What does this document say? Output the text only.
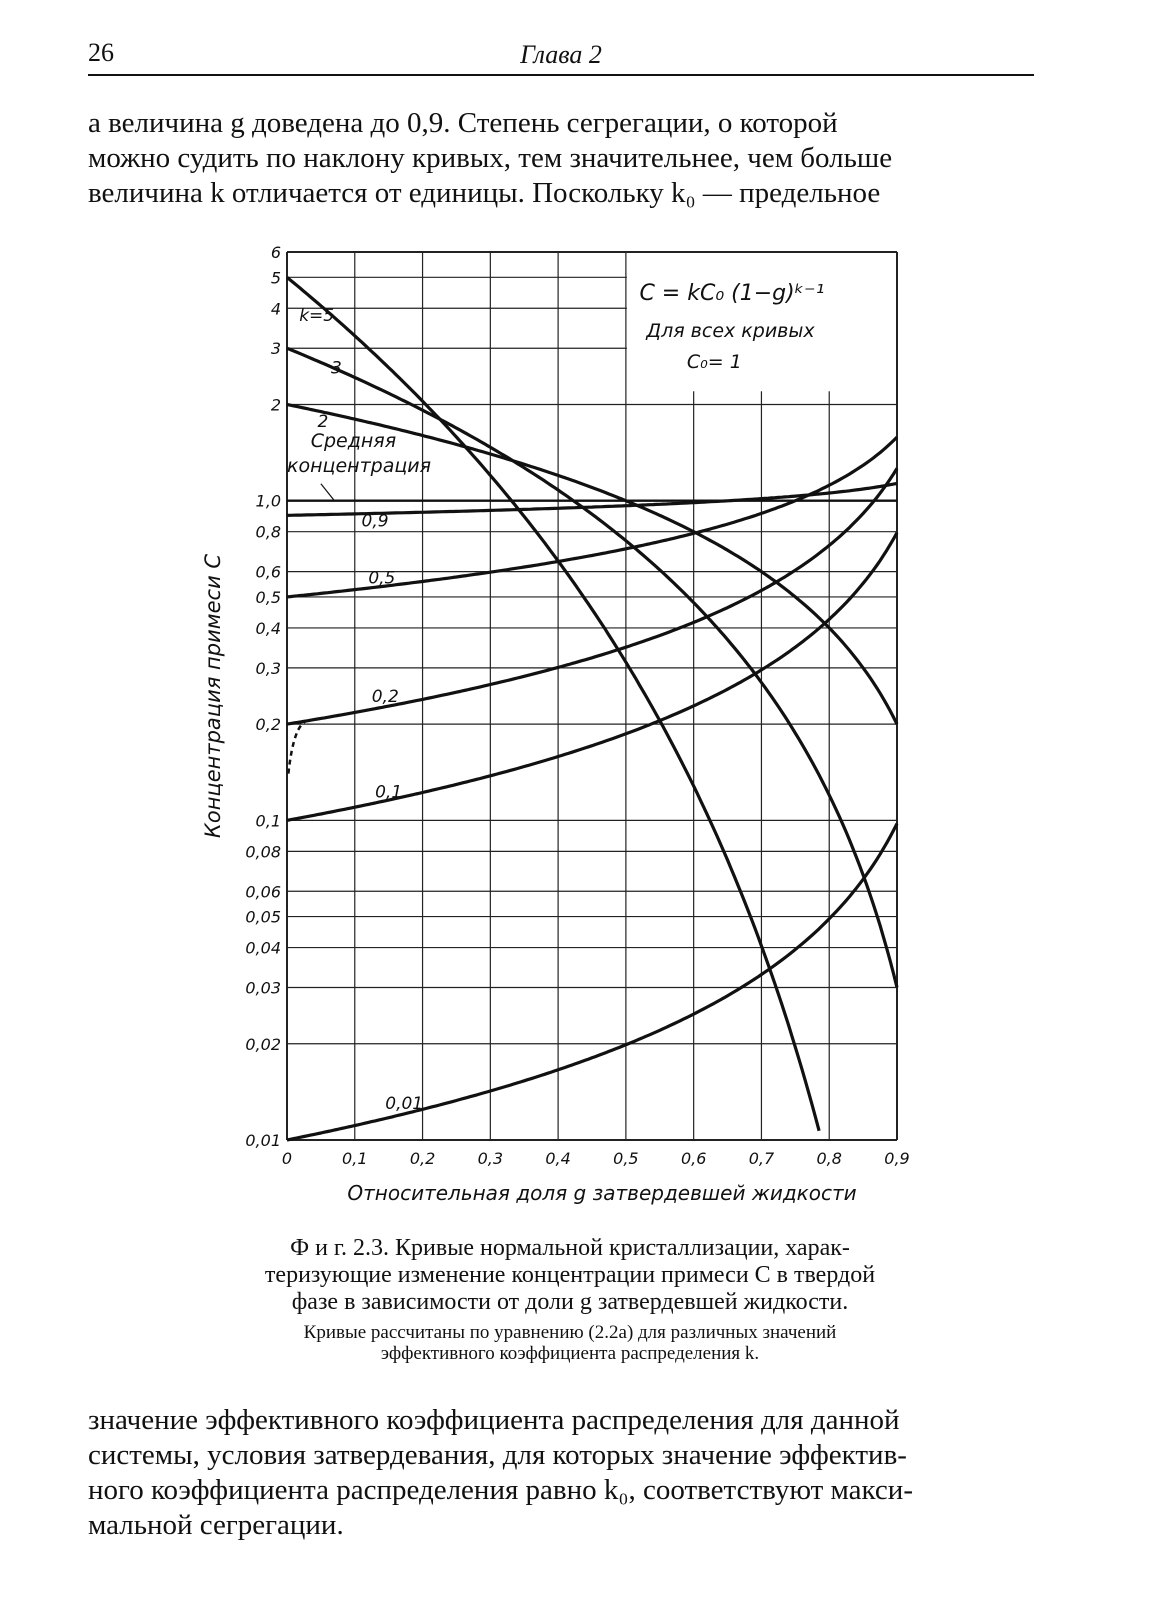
26	Глава 2
а величина g доведена до 0,9. Степень сегрегации, о которой
можно судить по наклону кривых, тем значительнее, чем больше
величина k отличается от единицы. Поскольку k₀ — предельное
0	0,1	0,2	0,3	0,4	0,5	0,6	0,7	0,8	0,9
0,01
0,02
0,03
0,04
0,05
0,06
0,08
0,1
0,2
0,3
0,4
0,5
0,6
0,8
1,0
2
3
4
5
6
Относительная доля g затвердевшей жидкости
Концентрация примеси C
C = kC₀ (1−g)ᵏ⁻¹
Для всех кривых
C₀= 1
k=5
3
2
0,9
0,5
0,2
0,1
0,01
Средняя
концентрация
Ф и г. 2.3. Кривые нормальной кристаллизации, харак-
теризующие изменение концентрации примеси C в твердой
фазе в зависимости от доли g затвердевшей жидкости.
Кривые рассчитаны по уравнению (2.2а) для различных значений
эффективного коэффициента распределения k.
значение эффективного коэффициента распределения для данной
системы, условия затвердевания, для которых значение эффектив-
ного коэффициента распределения равно k₀, соответствуют макси-
мальной сегрегации.
